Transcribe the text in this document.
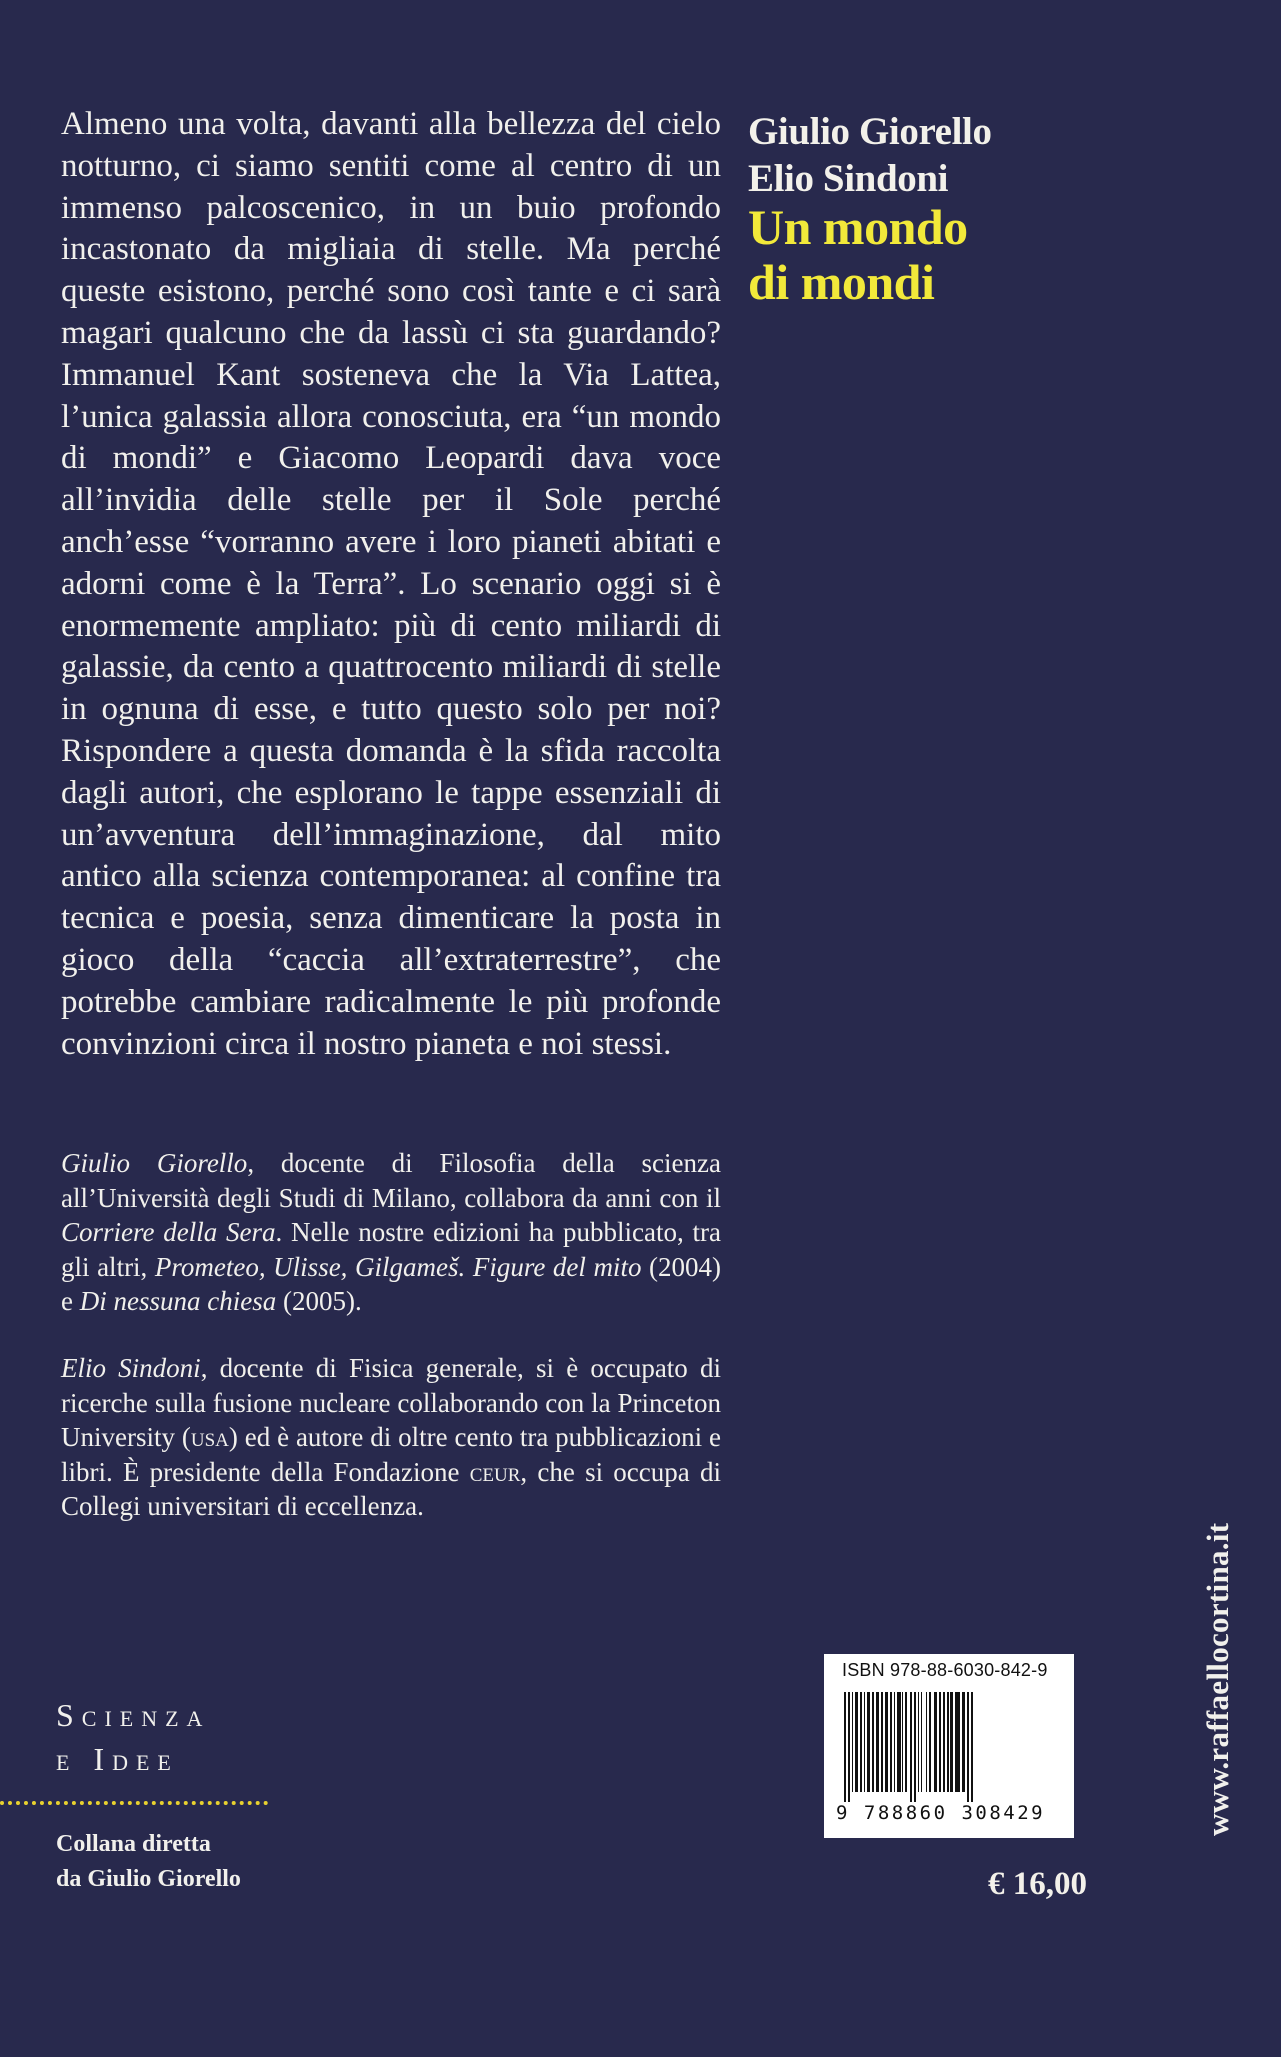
Almeno una volta, davanti alla bellezza del cielo notturno, ci siamo sentiti come al centro di un immenso palcoscenico, in un buio profondo incastonato da migliaia di stelle. Ma perché queste esistono, perché sono così tante e ci sarà magari qualcuno che da lassù ci sta guardando? Immanuel Kant sosteneva che la Via Lattea, l’unica galassia allora conosciuta, era “un mondo di mondi” e Giacomo Leopardi dava voce all’invidia delle stelle per il Sole perché anch’esse “vorranno avere i loro pianeti abitati e adorni come è la Terra”. Lo scenario oggi si è enormemente ampliato: più di cento miliardi di galassie, da cento a quattrocento miliardi di stelle in ognuna di esse, e tutto questo solo per noi? Rispondere a questa domanda è la sfida raccolta dagli autori, che esplorano le tappe essenziali di un’avventura dell’immaginazione, dal mito antico alla scienza contemporanea: al confine tra tecnica e poesia, senza dimenticare la posta in gioco della “caccia all’extraterrestre”, che potrebbe cambiare radicalmente le più profonde convinzioni circa il nostro pianeta e noi stessi.

Giulio Giorello, docente di Filosofia della scienza all’Università degli Studi di Milano, collabora da anni con il Corriere della Sera. Nelle nostre edizioni ha pubblicato, tra gli altri, Prometeo, Ulisse, Gilgameš. Figure del mito (2004) e Di nessuna chiesa (2005).

Elio Sindoni, docente di Fisica generale, si è occupato di ricerche sulla fusione nucleare collaborando con la Princeton University (usa) ed è autore di oltre cento tra pubblicazioni e libri. È presidente della Fondazione ceur, che si occupa di Collegi universitari di eccellenza.

Giulio Giorello
Elio Sindoni
Un mondo
di mondi
Scienza
e Idee
Collana diretta
da Giulio Giorello
www.raffaellocortina.it
ISBN 978-88-6030-842-9
9 788860 308429
€ 16,00
